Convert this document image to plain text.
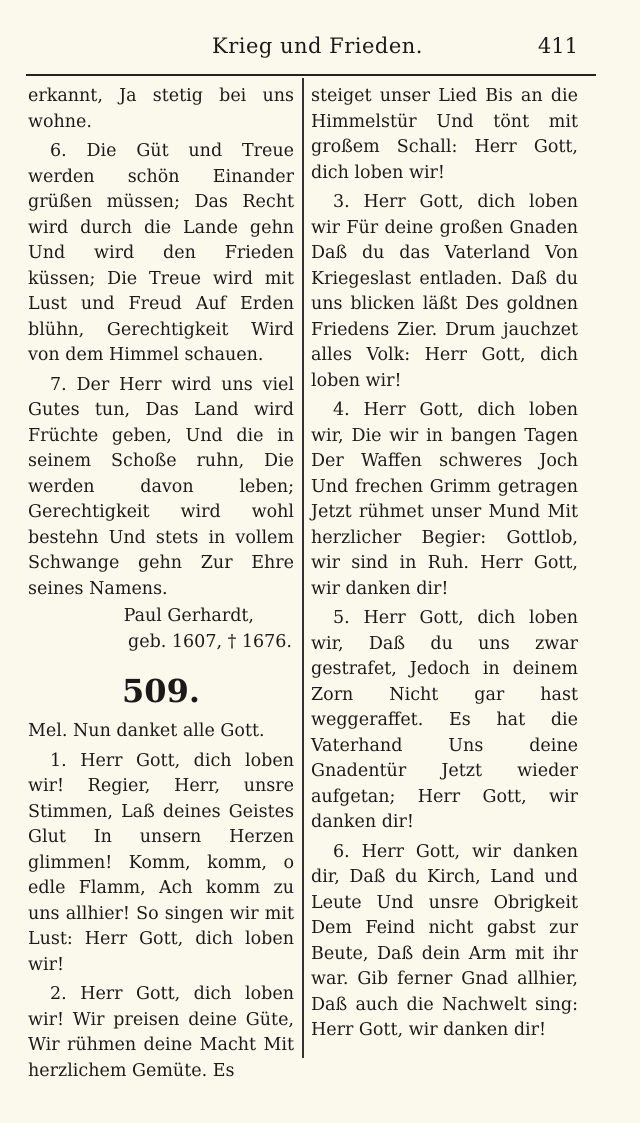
Krieg und Frieden.	411

erkannt, Ja stetig bei uns wohne.

6. Die Güt und Treue werden schön Einander grüßen müssen; Das Recht wird durch die Lande gehn Und wird den Frieden küssen; Die Treue wird mit Lust und Freud Auf Erden blühn, Gerechtigkeit Wird von dem Himmel schauen.

7. Der Herr wird uns viel Gutes tun, Das Land wird Früchte geben, Und die in seinem Schoße ruhn, Die werden davon leben; Gerechtigkeit wird wohl bestehn Und stets in vollem Schwange gehn Zur Ehre seines Namens.

Paul Gerhardt,
geb. 1607, † 1676.

509.

Mel. Nun danket alle Gott.

1. Herr Gott, dich loben wir! Regier, Herr, unsre Stimmen, Laß deines Geistes Glut In unsern Herzen glimmen! Komm, komm, o edle Flamm, Ach komm zu uns allhier! So singen wir mit Lust: Herr Gott, dich loben wir!

2. Herr Gott, dich loben wir! Wir preisen deine Güte, Wir rühmen deine Macht Mit herzlichem Gemüte. Es

steiget unser Lied Bis an die Himmelstür Und tönt mit großem Schall: Herr Gott, dich loben wir!

3. Herr Gott, dich loben wir Für deine großen Gnaden Daß du das Vaterland Von Kriegeslast entladen. Daß du uns blicken läßt Des goldnen Friedens Zier. Drum jauchzet alles Volk: Herr Gott, dich loben wir!

4. Herr Gott, dich loben wir, Die wir in bangen Tagen Der Waffen schweres Joch Und frechen Grimm getragen Jetzt rühmet unser Mund Mit herzlicher Begier: Gottlob, wir sind in Ruh. Herr Gott, wir danken dir!

5. Herr Gott, dich loben wir, Daß du uns zwar gestrafet, Jedoch in deinem Zorn Nicht gar hast weggeraffet. Es hat die Vaterhand Uns deine Gnadentür Jetzt wieder aufgetan; Herr Gott, wir danken dir!

6. Herr Gott, wir danken dir, Daß du Kirch, Land und Leute Und unsre Obrigkeit Dem Feind nicht gabst zur Beute, Daß dein Arm mit ihr war. Gib ferner Gnad allhier, Daß auch die Nachwelt sing: Herr Gott, wir danken dir!
